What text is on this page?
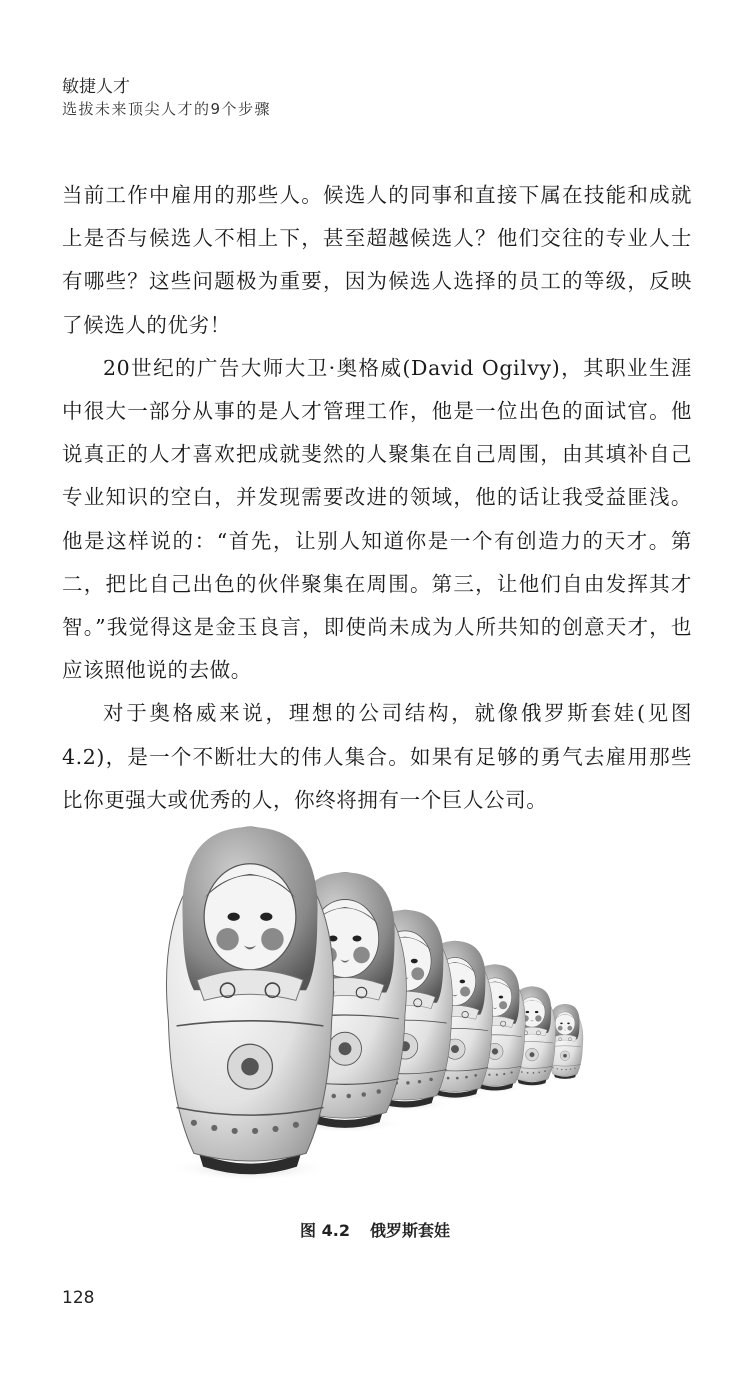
敏捷人才
选拔未来顶尖人才的9个步骤

当前工作中雇用的那些人。候选人的同事和直接下属在技能和成就上是否与候选人不相上下，甚至超越候选人？他们交往的专业人士有哪些？这些问题极为重要，因为候选人选择的员工的等级，反映了候选人的优劣！

20世纪的广告大师大卫·奥格威(David Ogilvy)，其职业生涯中很大一部分从事的是人才管理工作，他是一位出色的面试官。他说真正的人才喜欢把成就斐然的人聚集在自己周围，由其填补自己专业知识的空白，并发现需要改进的领域，他的话让我受益匪浅。他是这样说的：“首先，让别人知道你是一个有创造力的天才。第二，把比自己出色的伙伴聚集在周围。第三，让他们自由发挥其才智。”我觉得这是金玉良言，即使尚未成为人所共知的创意天才，也应该照他说的去做。

对于奥格威来说，理想的公司结构，就像俄罗斯套娃(见图4.2)，是一个不断壮大的伟人集合。如果有足够的勇气去雇用那些比你更强大或优秀的人，你终将拥有一个巨人公司。

图 4.2 俄罗斯套娃
128
